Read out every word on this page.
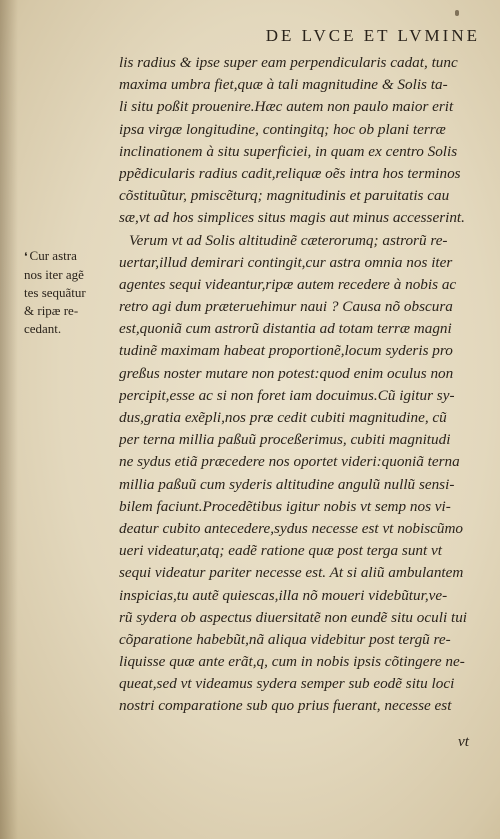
DE LVCE ET LVMINE
❛ Cur astra
nos iter agẽ
tes sequãtur
& ripæ re-
cedant.
lis radius & ipse super eam perpendicularis cadat, tunc
maxima umbra fiet,quæ à tali magnitudine & Solis ta-
li situ poßit prouenire.Hæc autem non paulo maior erit
ipsa virgæ longitudine, contingitq; hoc ob plani terræ
inclinationem à situ superficiei, in quam ex centro Solis
ppẽdicularis radius cadit,reliquæ oẽs intra hos terminos
cõstituũtur, pmiscẽturq; magnitudinis et paruitatis cau
sæ,vt ad hos simplices situs magis aut minus accesserint.
Verum vt ad Solis altitudinẽ cæterorumq; astrorũ re-
uertar,illud demirari contingit,cur astra omnia nos iter
agentes sequi videantur,ripæ autem recedere à nobis ac
retro agi dum præteruehimur naui ? Causa nõ obscura
est,quoniã cum astrorũ distantia ad totam terræ magni
tudinẽ maximam habeat proportionẽ,locum syderis pro
greßus noster mutare non potest:quod enim oculus non
percipit,esse ac si non foret iam docuimus.Cũ igitur sy-
dus,gratia exẽpli,nos præ cedit cubiti magnitudine, cũ
per terna millia paßuũ proceßerimus, cubiti magnitudi
ne sydus etiã præcedere nos oportet videri:quoniã terna
millia paßuũ cum syderis altitudine angulũ nullũ sensi-
bilem faciunt.Procedẽtibus igitur nobis vt semp nos vi-
deatur cubito antecedere,sydus necesse est vt nobiscũmo
ueri videatur,atq; eadẽ ratione quæ post terga sunt vt
sequi videatur pariter necesse est. At si aliũ ambulantem
inspicias,tu autẽ quiescas,illa nõ moueri videbũtur,ve-
rũ sydera ob aspectus diuersitatẽ non eundẽ situ oculi tui
cõparatione habebũt,nã aliqua videbitur post tergũ re-
liquisse quæ ante erãt,q, cum in nobis ipsis cõtingere ne-
queat,sed vt videamus sydera semper sub eodẽ situ loci
nostri comparatione sub quo prius fuerant, necesse est
vt
